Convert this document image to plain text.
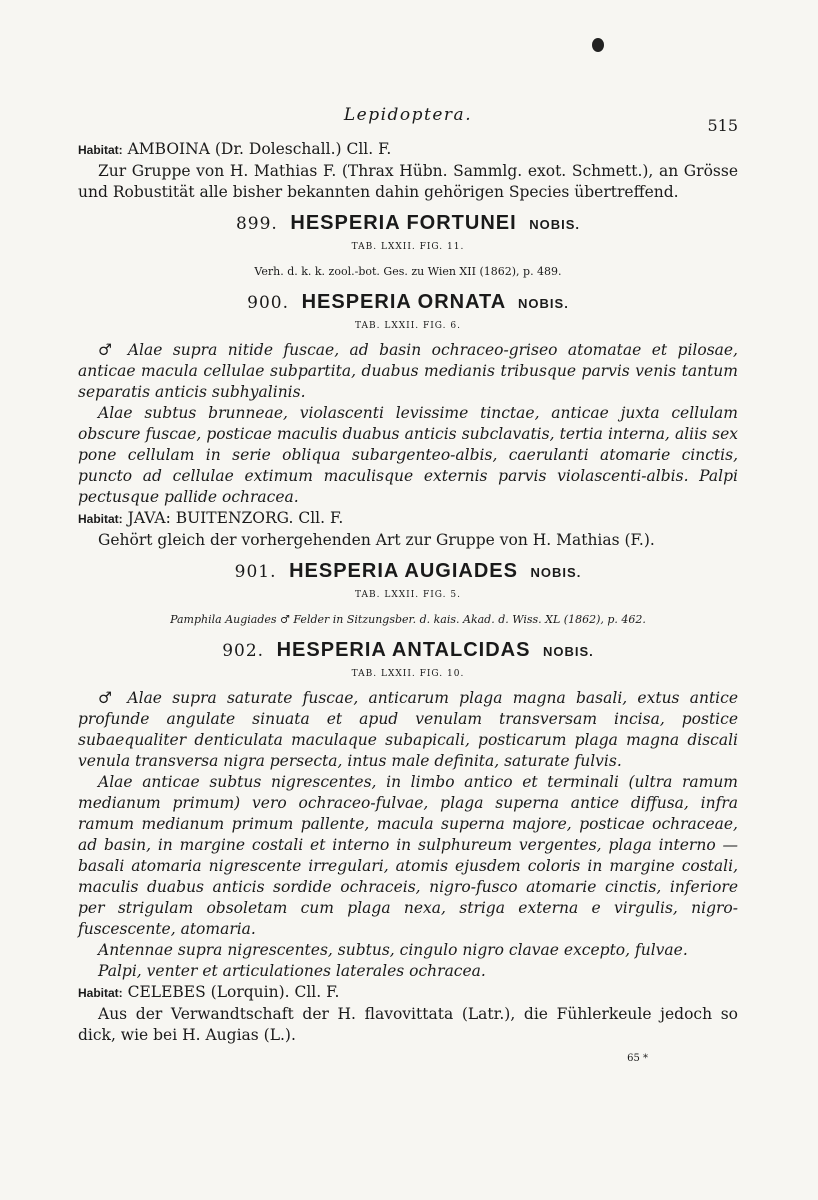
Lepidoptera.
515

Habitat: AMBOINA (Dr. Doleschall.) Cll. F.

Zur Gruppe von H. Mathias F. (Thrax Hübn. Sammlg. exot. Schmett.), an Grösse und Robustität alle bisher bekannten dahin gehörigen Species übertreffend.

899. HESPERIA FORTUNEI NOBIS.
TAB. LXXII. FIG. 11.
Verh. d. k. k. zool.-bot. Ges. zu Wien XII (1862), p. 489.
900. HESPERIA ORNATA NOBIS.
TAB. LXXII. FIG. 6.

♂ Alae supra nitide fuscae, ad basin ochraceo-griseo atomatae et pilosae, anticae macula cellulae subpartita, duabus medianis tribusque parvis venis tantum separatis anticis subhyalinis.

Alae subtus brunneae, violascenti levissime tinctae, anticae juxta cellulam obscure fuscae, posticae maculis duabus anticis subclavatis, tertia interna, aliis sex pone cellulam in serie obliqua subargenteo-albis, caerulanti atomarie cinctis, puncto ad cellulae extimum maculisque externis parvis violascenti-albis. Palpi pectusque pallide ochracea.

Habitat: JAVA: BUITENZORG. Cll. F.

Gehört gleich der vorhergehenden Art zur Gruppe von H. Mathias (F.).

901. HESPERIA AUGIADES NOBIS.
TAB. LXXII. FIG. 5.
Pamphila Augiades ♂ Felder in Sitzungsber. d. kais. Akad. d. Wiss. XL (1862), p. 462.
902. HESPERIA ANTALCIDAS NOBIS.
TAB. LXXII. FIG. 10.

♂ Alae supra saturate fuscae, anticarum plaga magna basali, extus antice profunde angulate sinuata et apud venulam transversam incisa, postice subaequaliter denticulata maculaque subapicali, posticarum plaga magna discali venula transversa nigra persecta, intus male definita, saturate fulvis.

Alae anticae subtus nigrescentes, in limbo antico et terminali (ultra ramum medianum primum) vero ochraceo-fulvae, plaga superna antice diffusa, infra ramum medianum primum pallente, macula superna majore, posticae ochraceae, ad basin, in margine costali et interno in sulphureum vergentes, plaga interno — basali atomaria nigrescente irregulari, atomis ejusdem coloris in margine costali, maculis duabus anticis sordide ochraceis, nigro-fusco atomarie cinctis, inferiore per strigulam obsoletam cum plaga nexa, striga externa e virgulis, nigro-fuscescente, atomaria.

Antennae supra nigrescentes, subtus, cingulo nigro clavae excepto, fulvae.

Palpi, venter et articulationes laterales ochracea.

Habitat: CELEBES (Lorquin). Cll. F.

Aus der Verwandtschaft der H. flavovittata (Latr.), die Fühlerkeule jedoch so dick, wie bei H. Augias (L.).

65 *
